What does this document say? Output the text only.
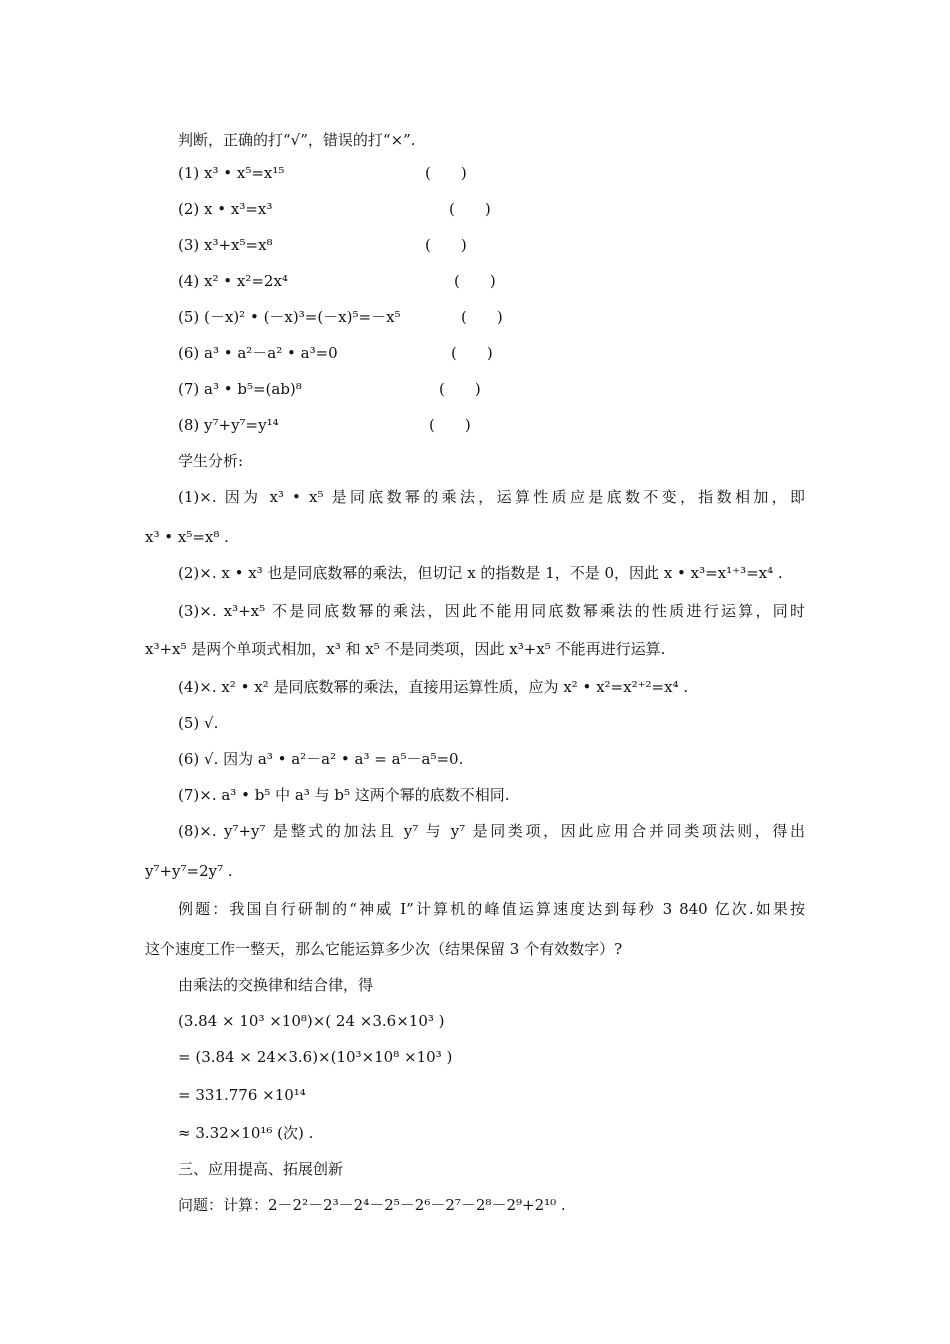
判断，正确的打“√”，错误的打“×”.
(1) x³ • x⁵=x¹⁵	(　　)
(2) x • x³=x³	(　　)
(3) x³+x⁵=x⁸	(　　)
(4) x² • x²=2x⁴	(　　)
(5) (－x)² • (－x)³=(－x)⁵=－x⁵	(　　)
(6) a³ • a²－a² • a³=0	(　　)
(7) a³ • b⁵=(ab)⁸	(　　)
(8) y⁷+y⁷=y¹⁴	(　　)
学生分析:
(1)×. 因为 x³ • x⁵ 是同底数幂的乘法，运算性质应是底数不变，指数相加，即
x³ • x⁵=x⁸ .
(2)×. x • x³ 也是同底数幂的乘法，但切记 x 的指数是 1，不是 0，因此 x • x³=x¹⁺³=x⁴ .
(3)×. x³+x⁵ 不是同底数幂的乘法，因此不能用同底数幂乘法的性质进行运算，同时
x³+x⁵ 是两个单项式相加，x³ 和 x⁵ 不是同类项，因此 x³+x⁵ 不能再进行运算.
(4)×. x² • x² 是同底数幂的乘法，直接用运算性质，应为 x² • x²=x²⁺²=x⁴ .
(5) √.
(6) √. 因为 a³ • a²－a² • a³ = a⁵－a⁵=0.
(7)×. a³ • b⁵ 中 a³ 与 b⁵ 这两个幂的底数不相同.
(8)×. y⁷+y⁷ 是整式的加法且 y⁷ 与 y⁷ 是同类项，因此应用合并同类项法则，得出
y⁷+y⁷=2y⁷ .
例题：我国自行研制的“神威 I”计算机的峰值运算速度达到每秒 3 840 亿次.如果按
这个速度工作一整天，那么它能运算多少次（结果保留 3 个有效数字）?
由乘法的交换律和结合律，得
(3.84 × 10³ ×10⁸)×( 24 ×3.6×10³ )
= (3.84 × 24×3.6)×(10³×10⁸ ×10³ )
= 331.776 ×10¹⁴
≈ 3.32×10¹⁶ (次) .
三、应用提高、拓展创新
问题：计算：2－2²－2³－2⁴－2⁵－2⁶－2⁷－2⁸－2⁹+2¹⁰ .
